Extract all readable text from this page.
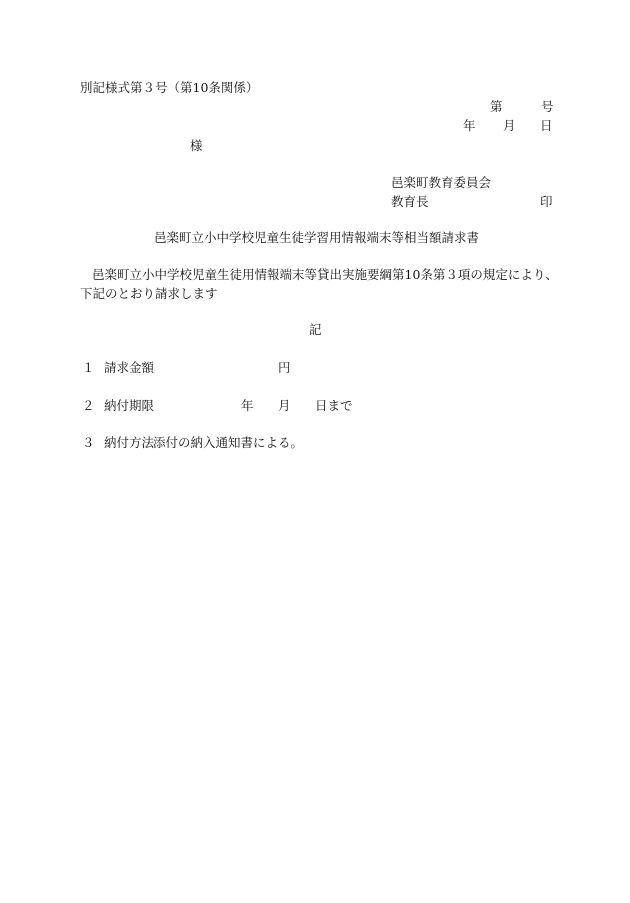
別記様式第３号（第10条関係）
第	号
年 月 日
様
邑楽町教育委員会
教育長	印
邑楽町立小中学校児童生徒学習用情報端末等相当額請求書
邑楽町立小中学校児童生徒用情報端末等貸出実施要綱第10条第３項の規定により、
下記のとおり請求します
記
１ 請求金額	円
２ 納付期限	年 月 日まで
３ 納付方法
添付の納入通知書による。
